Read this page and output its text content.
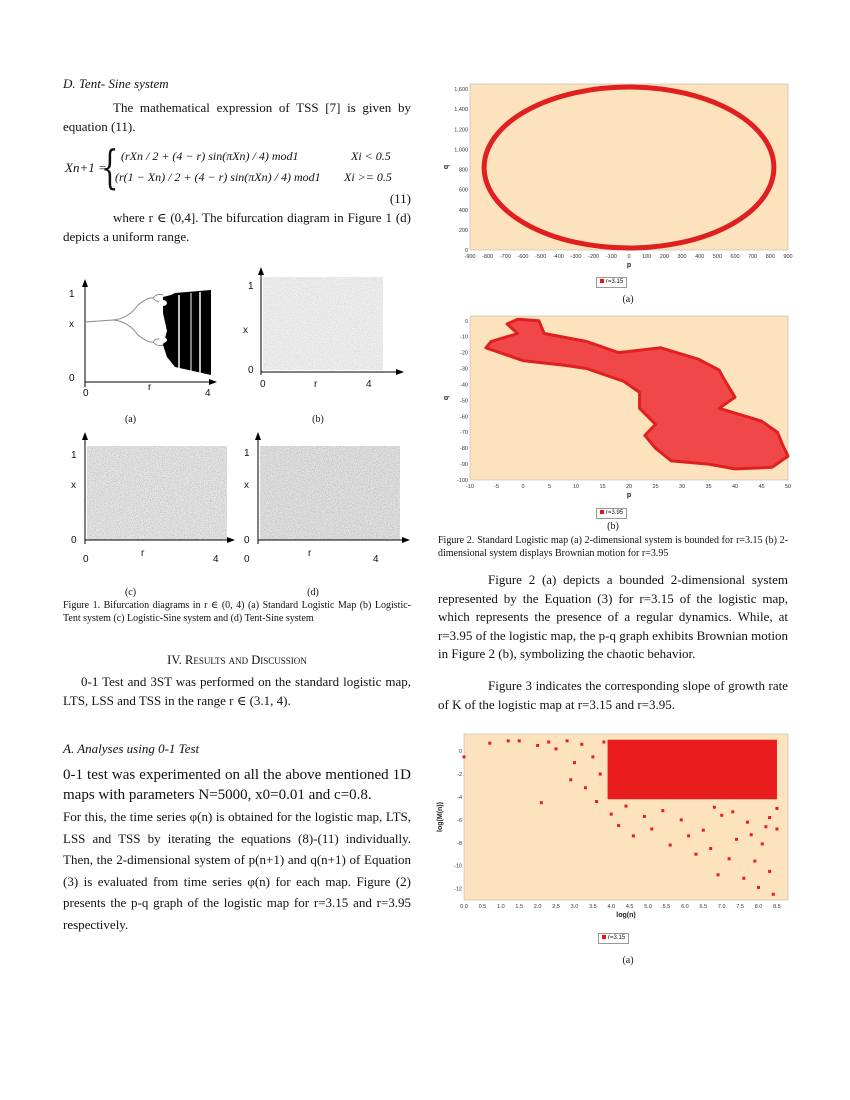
D. Tent- Sine system

The mathematical expression of TSS [7] is given by equation (11).

Xn+1 =
{ (rXn / 2 + (4 − r) sin(πXn) / 4) mod1	Xi < 0.5
(r(1 − Xn) / 2 + (4 − r) sin(πXn) / 4) mod1 Xi >= 0.5

(11)

where r ∈ (0,4]. The bifurcation diagram in Figure 1 (d) depicts a uniform range.

1
x
0
0
r
4

(a)

1
x
0
0	r	4

(b)

1
x
0
0
r
4

(c)

1
x
0
0
r
4

(d)

Figure 1. Bifurcation diagrams in r ∈ (0, 4) (a) Standard Logistic Map (b) Logistic-Tent system (c) Logistic-Sine system and (d) Tent-Sine system

IV. Results and Discussion

0-1 Test and 3ST was performed on the standard logistic map, LTS, LSS and TSS in the range r ∈ (3.1, 4).

A. Analyses using 0-1 Test

0-1 test was experimented on all the above mentioned 1D maps with parameters N=5000, x0=0.01 and c=0.8.

For this, the time series φ(n) is obtained for the logistic map, LTS, LSS and TSS by iterating the equations (8)-(11) individually. Then, the 2-dimensional system of p(n+1) and q(n+1) of Equation (3) is evaluated from time series φ(n) for each map. Figure (2) presents the p-q graph of the logistic map for r=3.15 and r=3.95 respectively.

-900 -800 -700 -600 -500 -400 -300 -200 -100 0 100 200 300 400 500 600 700 800 900
0
200
400
600
800
1,000
1,200
1,400
1,600
p
q
r=3.15

(a)

-10	-5	0	5	10	15	20	25	30	35	40	45	50
0
-10
-20
-30
-40
-50
-60
-70
-80
-90
-100
p
q
r=3.95

(b)

Figure 2. Standard Logistic map (a) 2-dimensional system is bounded for r=3.15 (b) 2-dimensional system displays Brownian motion for r=3.95

Figure 2 (a) depicts a bounded 2-dimensional system represented by the Equation (3) for r=3.15 of the logistic map, which represents the presence of a regular dynamics. While, at r=3.95 of the logistic map, the p-q graph exhibits Brownian motion in Figure 2 (b), symbolizing the chaotic behavior.

Figure 3 indicates the corresponding slope of growth rate of K of the logistic map at r=3.15 and r=3.95.

0.0 0.5 1.0 1.5 2.0 2.5 3.0 3.5 4.0 4.5 5.0 5.5 6.0 6.5 7.0 7.5 8.0 8.5
0
-2
-4
-6
-8
-10
-12
log(n)
log(M(n))
r=3.15

(a)
